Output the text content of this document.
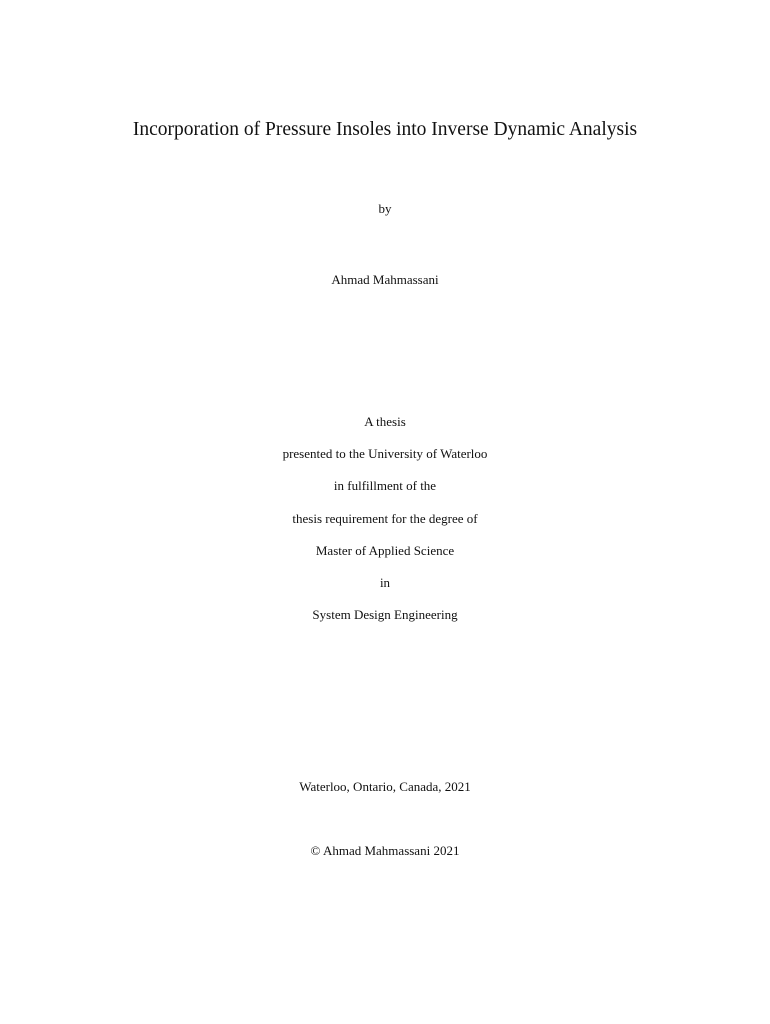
Incorporation of Pressure Insoles into Inverse Dynamic Analysis
by
Ahmad Mahmassani
A thesis
presented to the University of Waterloo
in fulfillment of the
thesis requirement for the degree of
Master of Applied Science
in
System Design Engineering
Waterloo, Ontario, Canada, 2021
© Ahmad Mahmassani 2021
